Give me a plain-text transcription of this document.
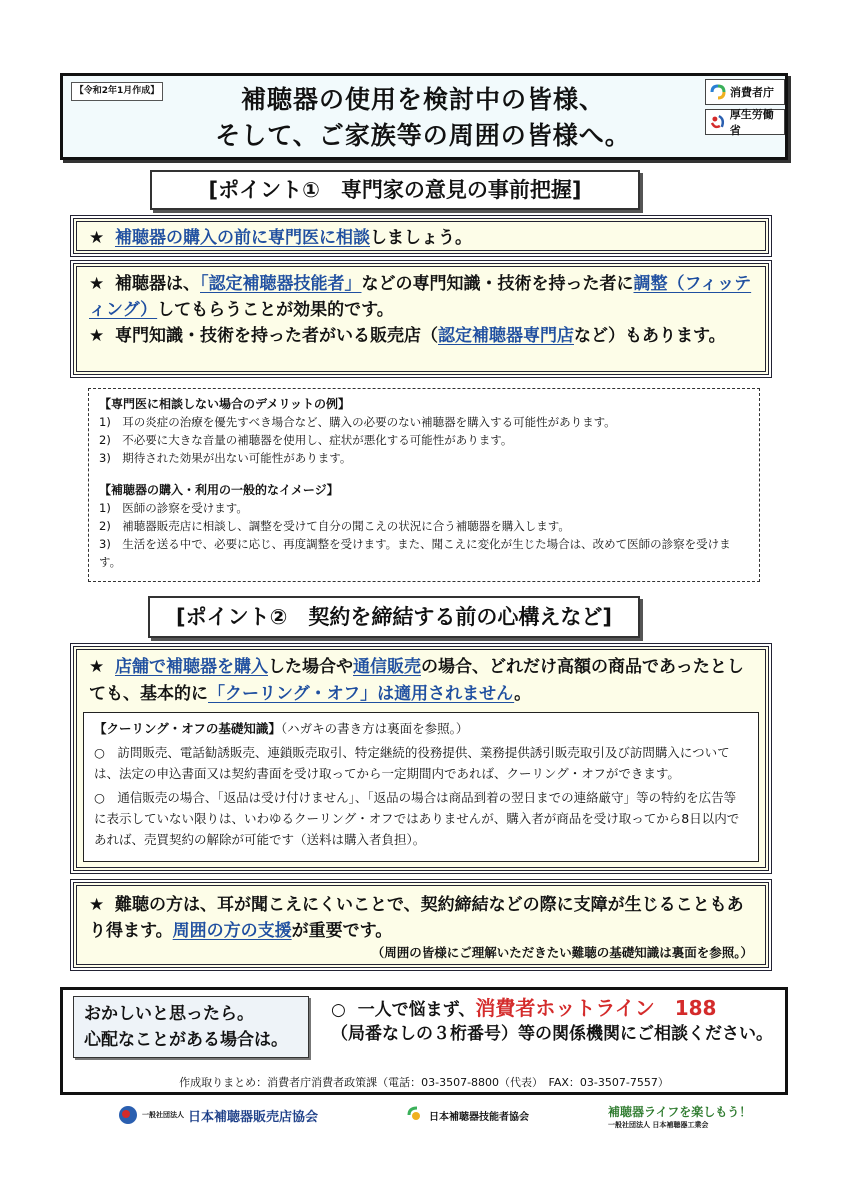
【令和2年1月作成】	補聴器の使用を検討中の皆様、
そして、ご家族等の周囲の皆様へ。
消費者庁
厚生労働省
[ポイント①　専門家の意見の事前把握]
★ 補聴器の購入の前に専門医に相談しましょう。
★ 補聴器は、「認定補聴器技能者」などの専門知識・技術を持った者に調整（フィッティング）してもらうことが効果的です。
★ 専門知識・技術を持った者がいる販売店（認定補聴器専門店など）もあります。
【専門医に相談しない場合のデメリットの例】
1)　耳の炎症の治療を優先すべき場合など、購入の必要のない補聴器を購入する可能性があります。
2)　不必要に大きな音量の補聴器を使用し、症状が悪化する可能性があります。
3)　期待された効果が出ない可能性があります。
【補聴器の購入・利用の一般的なイメージ】
1)　医師の診察を受けます。
2)　補聴器販売店に相談し、調整を受けて自分の聞こえの状況に合う補聴器を購入します。
3)　生活を送る中で、必要に応じ、再度調整を受けます。また、聞こえに変化が生じた場合は、改めて医師の診察を受けます。
[ポイント②　契約を締結する前の心構えなど]
★ 店舗で補聴器を購入した場合や通信販売の場合、どれだけ高額の商品であったとしても、基本的に「クーリング・オフ」は適用されません。
【クーリング・オフの基礎知識】（ハガキの書き方は裏面を参照。）
○　訪問販売、電話勧誘販売、連鎖販売取引、特定継続的役務提供、業務提供誘引販売取引及び訪問購入については、法定の申込書面又は契約書面を受け取ってから一定期間内であれば、クーリング・オフができます。
○　通信販売の場合、「返品は受け付けません」、「返品の場合は商品到着の翌日までの連絡厳守」等の特約を広告等に表示していない限りは、いわゆるクーリング・オフではありませんが、購入者が商品を受け取ってから8日以内であれば、売買契約の解除が可能です（送料は購入者負担）。
★ 難聴の方は、耳が聞こえにくいことで、契約締結などの際に支障が生じることもあり得ます。周囲の方の支援が重要です。
（周囲の皆様にご理解いただきたい難聴の基礎知識は裏面を参照。）
おかしいと思ったら。
心配なことがある場合は。
○ 一人で悩まず、消費者ホットライン　188
（局番なしの３桁番号）等の関係機関にご相談ください。
作成取りまとめ：消費者庁消費者政策課（電話：03-3507-8800（代表）　FAX：03-3507-7557）
一般社団法人 日本補聴器販売店協会	日本補聴器技能者協会	補聴器ライフを楽しもう！
一般社団法人 日本補聴器工業会
